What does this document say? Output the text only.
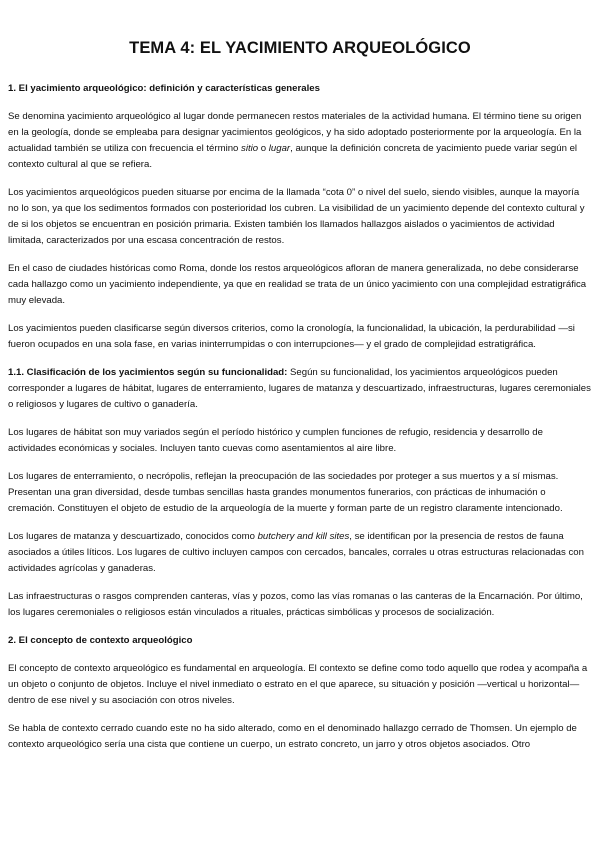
TEMA 4: EL YACIMIENTO ARQUEOLÓGICO
1. El yacimiento arqueológico: definición y características generales

Se denomina yacimiento arqueológico al lugar donde permanecen restos materiales de la actividad humana. El término tiene su origen en la geología, donde se empleaba para designar yacimientos geológicos, y ha sido adoptado posteriormente por la arqueología. En la actualidad también se utiliza con frecuencia el término sitio o lugar, aunque la definición concreta de yacimiento puede variar según el contexto cultural al que se refiera.

Los yacimientos arqueológicos pueden situarse por encima de la llamada “cota 0” o nivel del suelo, siendo visibles, aunque la mayoría no lo son, ya que los sedimentos formados con posterioridad los cubren. La visibilidad de un yacimiento depende del contexto cultural y de si los objetos se encuentran en posición primaria. Existen también los llamados hallazgos aislados o yacimientos de actividad limitada, caracterizados por una escasa concentración de restos.

En el caso de ciudades históricas como Roma, donde los restos arqueológicos afloran de manera generalizada, no debe considerarse cada hallazgo como un yacimiento independiente, ya que en realidad se trata de un único yacimiento con una complejidad estratigráfica muy elevada.

Los yacimientos pueden clasificarse según diversos criterios, como la cronología, la funcionalidad, la ubicación, la perdurabilidad —si fueron ocupados en una sola fase, en varias ininterrumpidas o con interrupciones— y el grado de complejidad estratigráfica.

1.1. Clasificación de los yacimientos según su funcionalidad: Según su funcionalidad, los yacimientos arqueológicos pueden corresponder a lugares de hábitat, lugares de enterramiento, lugares de matanza y descuartizado, infraestructuras, lugares ceremoniales o religiosos y lugares de cultivo o ganadería.

Los lugares de hábitat son muy variados según el período histórico y cumplen funciones de refugio, residencia y desarrollo de actividades económicas y sociales. Incluyen tanto cuevas como asentamientos al aire libre.

Los lugares de enterramiento, o necrópolis, reflejan la preocupación de las sociedades por proteger a sus muertos y a sí mismas. Presentan una gran diversidad, desde tumbas sencillas hasta grandes monumentos funerarios, con prácticas de inhumación o cremación. Constituyen el objeto de estudio de la arqueología de la muerte y forman parte de un registro claramente intencionado.

Los lugares de matanza y descuartizado, conocidos como butchery and kill sites, se identifican por la presencia de restos de fauna asociados a útiles líticos. Los lugares de cultivo incluyen campos con cercados, bancales, corrales u otras estructuras relacionadas con actividades agrícolas y ganaderas.

Las infraestructuras o rasgos comprenden canteras, vías y pozos, como las vías romanas o las canteras de la Encarnación. Por último, los lugares ceremoniales o religiosos están vinculados a rituales, prácticas simbólicas y procesos de socialización.

2. El concepto de contexto arqueológico

El concepto de contexto arqueológico es fundamental en arqueología. El contexto se define como todo aquello que rodea y acompaña a un objeto o conjunto de objetos. Incluye el nivel inmediato o estrato en el que aparece, su situación y posición —vertical u horizontal— dentro de ese nivel y su asociación con otros niveles.

Se habla de contexto cerrado cuando este no ha sido alterado, como en el denominado hallazgo cerrado de Thomsen. Un ejemplo de contexto arqueológico sería una cista que contiene un cuerpo, un estrato concreto, un jarro y otros objetos asociados. Otro
